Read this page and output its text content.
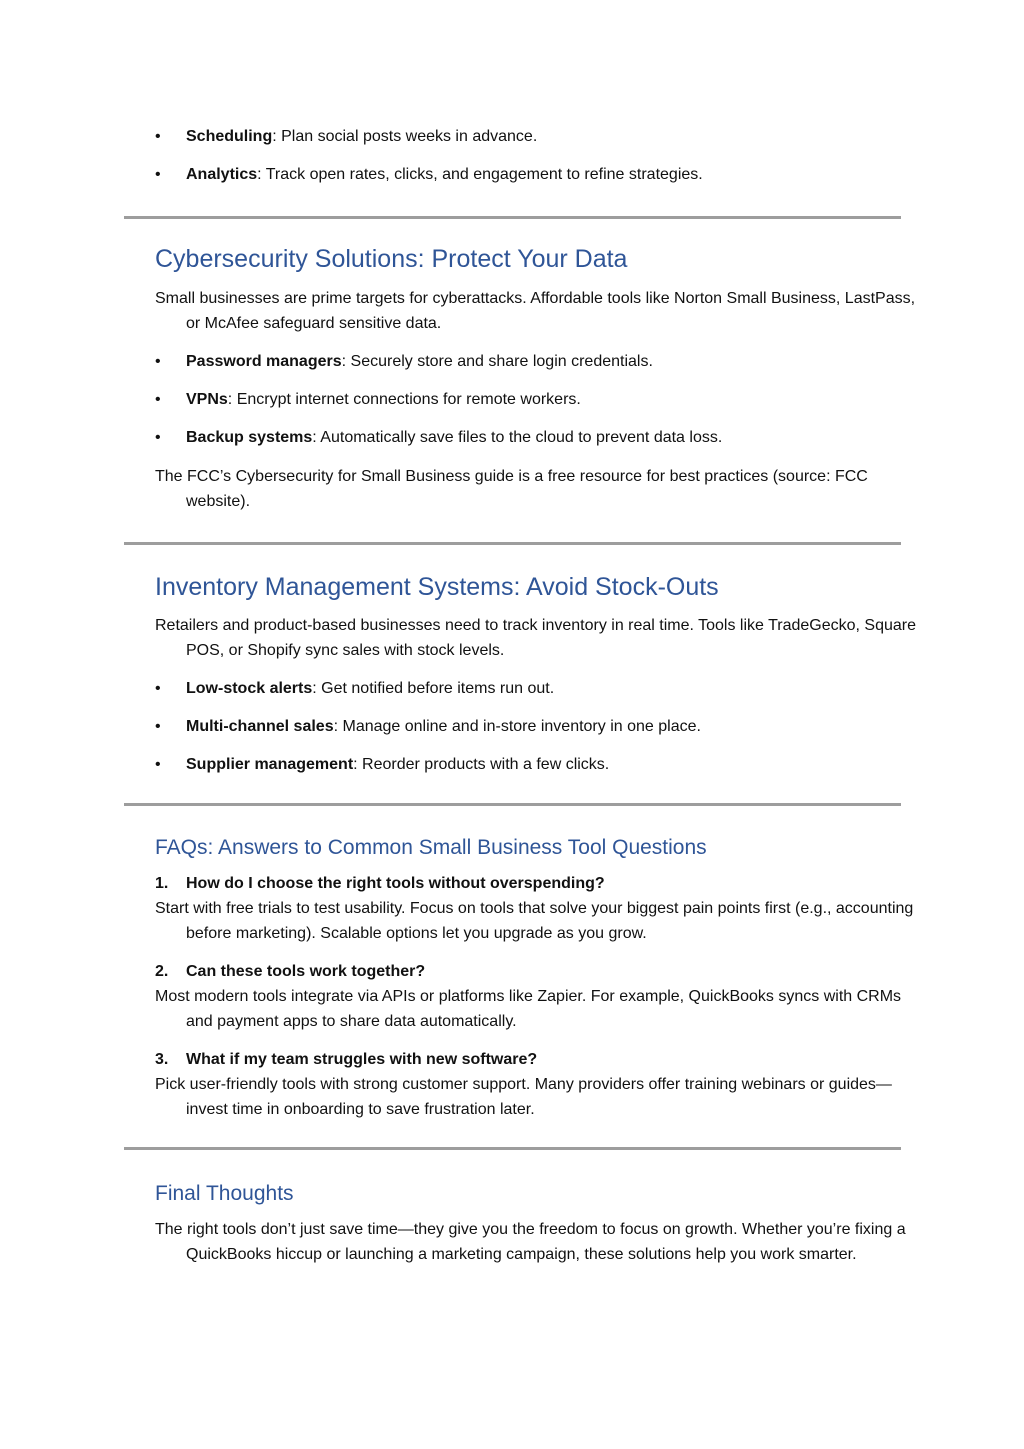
• Scheduling: Plan social posts weeks in advance.
• Analytics: Track open rates, clicks, and engagement to refine strategies.
Cybersecurity Solutions: Protect Your Data

Small businesses are prime targets for cyberattacks. Affordable tools like Norton Small Business, LastPass, or McAfee safeguard sensitive data.

• Password managers: Securely store and share login credentials.
• VPNs: Encrypt internet connections for remote workers.
• Backup systems: Automatically save files to the cloud to prevent data loss.

The FCC’s Cybersecurity for Small Business guide is a free resource for best practices (source: FCC website).

Inventory Management Systems: Avoid Stock-Outs

Retailers and product-based businesses need to track inventory in real time. Tools like TradeGecko, Square POS, or Shopify sync sales with stock levels.

• Low-stock alerts: Get notified before items run out.
• Multi-channel sales: Manage online and in-store inventory in one place.
• Supplier management: Reorder products with a few clicks.
FAQs: Answers to Common Small Business Tool Questions
1. How do I choose the right tools without overspending?

Start with free trials to test usability. Focus on tools that solve your biggest pain points first (e.g., accounting before marketing). Scalable options let you upgrade as you grow.

2. Can these tools work together?

Most modern tools integrate via APIs or platforms like Zapier. For example, QuickBooks syncs with CRMs and payment apps to share data automatically.

3. What if my team struggles with new software?

Pick user-friendly tools with strong customer support. Many providers offer training webinars or guides—invest time in onboarding to save frustration later.

Final Thoughts

The right tools don’t just save time—they give you the freedom to focus on growth. Whether you’re fixing a QuickBooks hiccup or launching a marketing campaign, these solutions help you work smarter.
